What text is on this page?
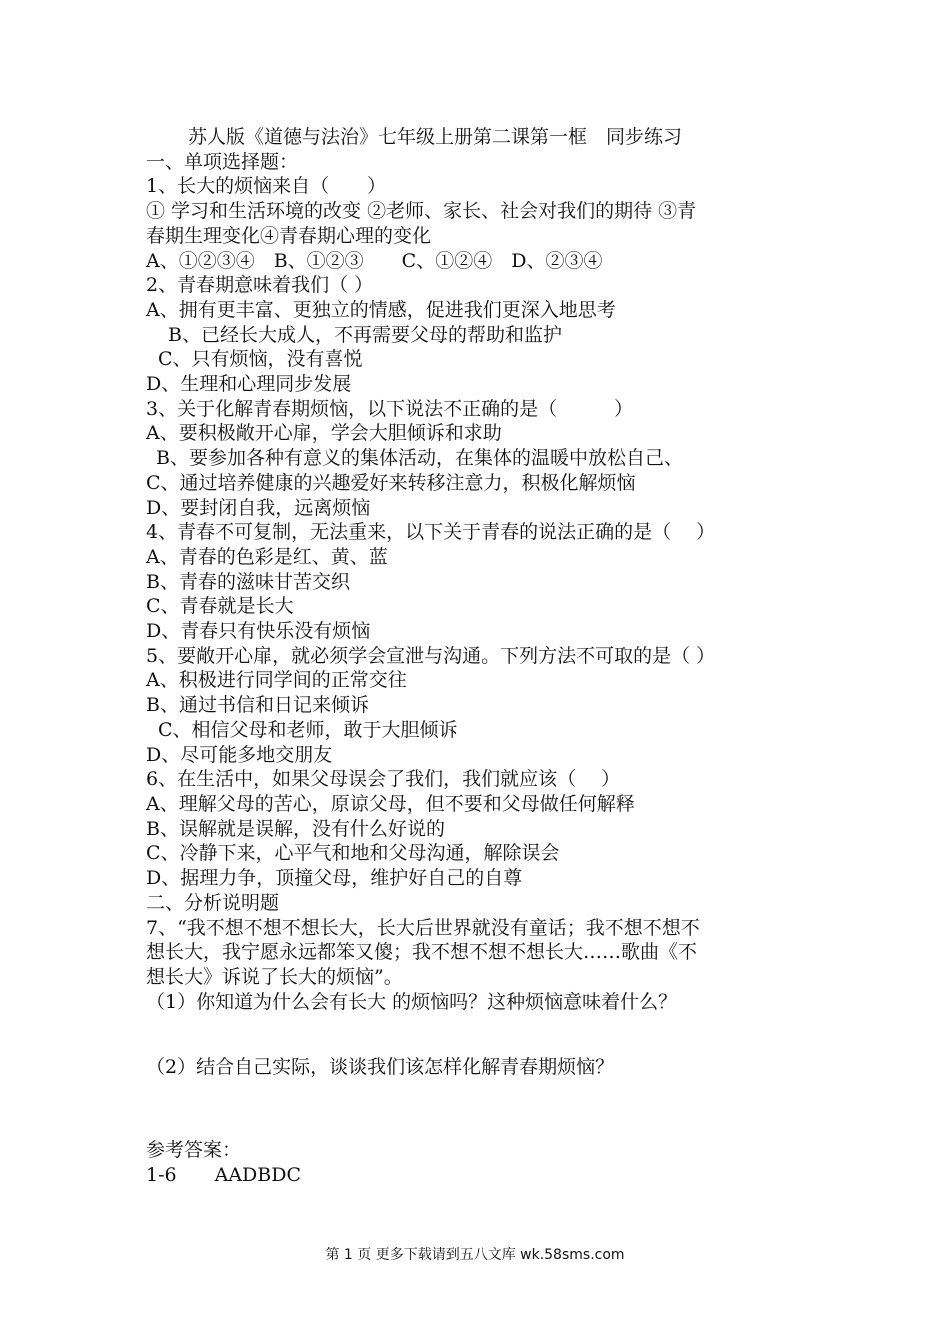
苏人版《道德与法治》七年级上册第二课第一框　同步练习
一、单项选择题：
1、长大的烦恼来自（　　）
① 学习和生活环境的改变 ②老师、家长、社会对我们的期待 ③青
春期生理变化④青春期心理的变化
A、①②③④　B、①②③　　C、①②④　D、②③④
2、青春期意味着我们（ ）
A、拥有更丰富、更独立的情感，促进我们更深入地思考
B、已经长大成人，不再需要父母的帮助和监护
C、只有烦恼，没有喜悦
D、生理和心理同步发展
3、关于化解青春期烦恼，以下说法不正确的是（　　　）
A、要积极敞开心扉，学会大胆倾诉和求助
B、要参加各种有意义的集体活动，在集体的温暖中放松自己、
C、通过培养健康的兴趣爱好来转移注意力，积极化解烦恼
D、要封闭自我，远离烦恼
4、青春不可复制，无法重来，以下关于青春的说法正确的是（　 ）
A、青春的色彩是红、黄、蓝
B、青春的滋味甘苦交织
C、青春就是长大
D、青春只有快乐没有烦恼
5、要敞开心扉，就必须学会宣泄与沟通。下列方法不可取的是（ ）
A、积极进行同学间的正常交往
B、通过书信和日记来倾诉
C、相信父母和老师，敢于大胆倾诉
D、尽可能多地交朋友
6、在生活中，如果父母误会了我们，我们就应该（　 ）
A、理解父母的苦心，原谅父母，但不要和父母做任何解释
B、误解就是误解，没有什么好说的
C、冷静下来，心平气和地和父母沟通，解除误会
D、据理力争，顶撞父母，维护好自己的自尊
二、分析说明题
7、“我不想不想不想长大，长大后世界就没有童话；我不想不想不
想长大，我宁愿永远都笨又傻；我不想不想不想长大……歌曲《不
想长大》诉说了长大的烦恼”。
（1）你知道为什么会有长大 的烦恼吗？这种烦恼意味着什么？
（2）结合自己实际，谈谈我们该怎样化解青春期烦恼？
参考答案：
1-6　　AADBDC
第 1 页 更多下载请到五八文库 wk.58sms.com
